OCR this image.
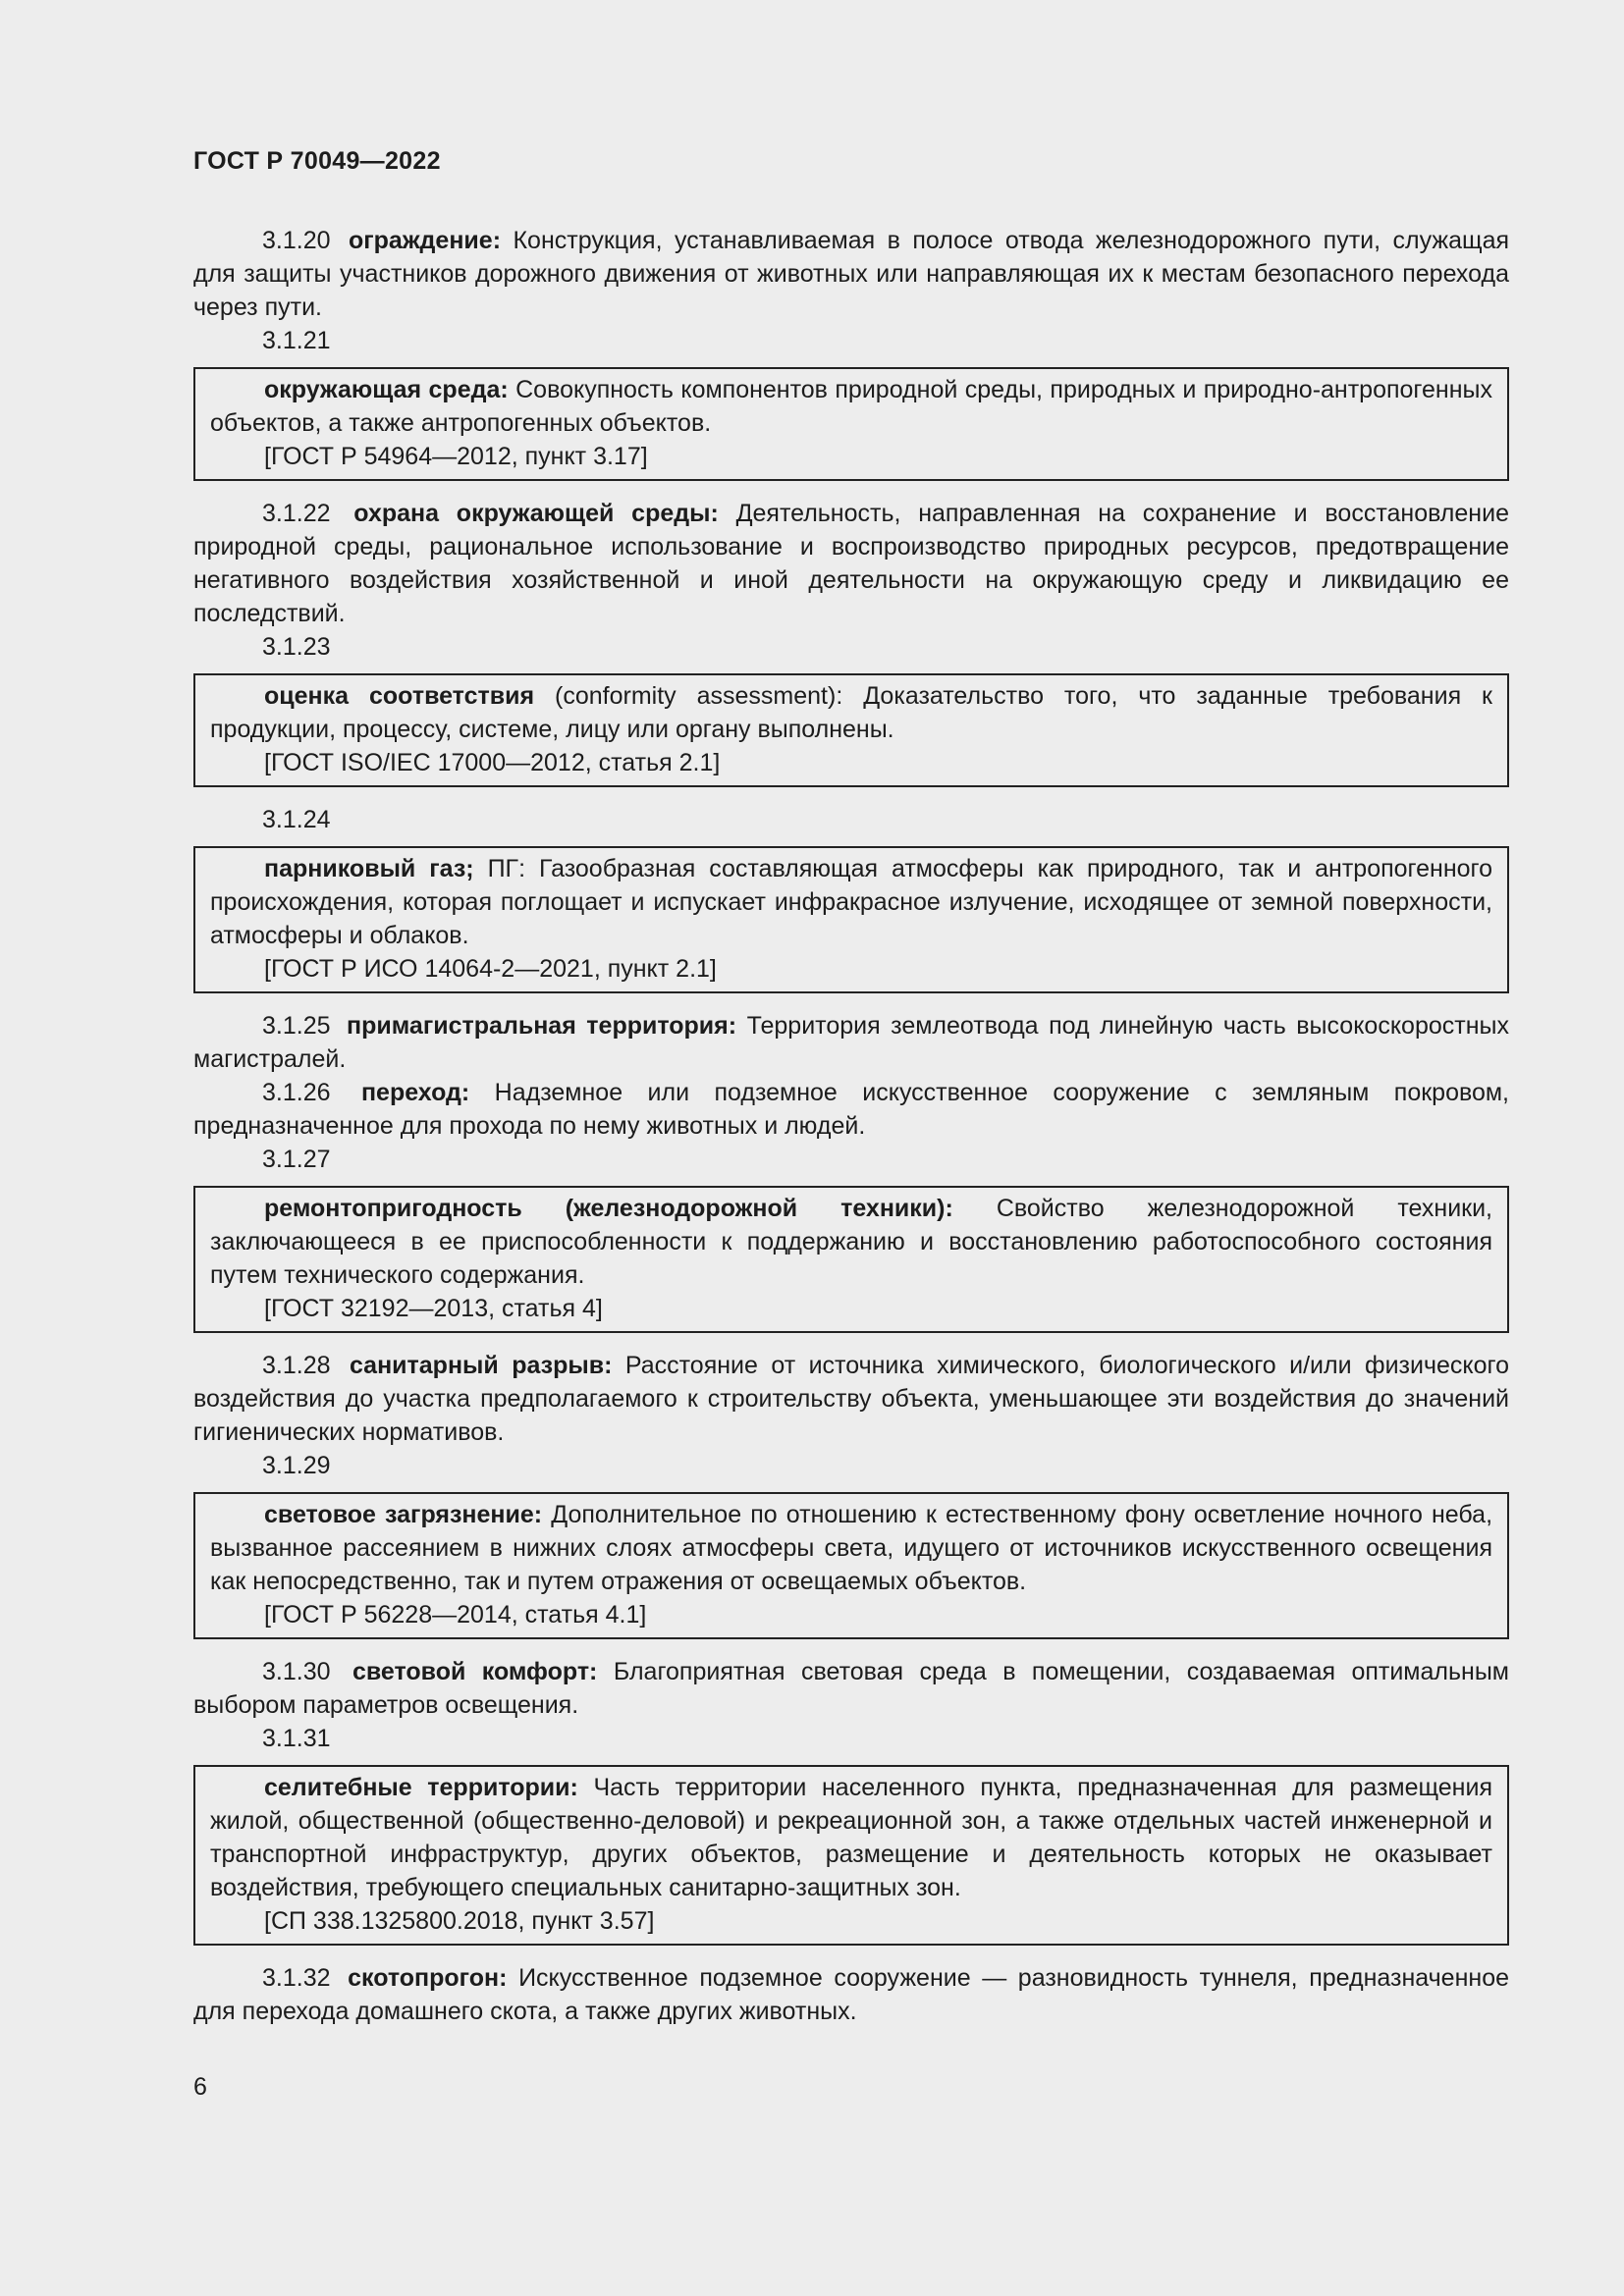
ГОСТ Р 70049—2022

3.1.20 ограждение: Конструкция, устанавливаемая в полосе отвода железнодорожного пути, служащая для защиты участников дорожного движения от животных или направляющая их к местам безопасного перехода через пути.

3.1.21

окружающая среда: Совокупность компонентов природной среды, природных и природно-антропогенных объектов, а также антропогенных объектов.

[ГОСТ Р 54964—2012, пункт 3.17]

3.1.22 охрана окружающей среды: Деятельность, направленная на сохранение и восстановление природной среды, рациональное использование и воспроизводство природных ресурсов, предотвращение негативного воздействия хозяйственной и иной деятельности на окружающую среду и ликвидацию ее последствий.

3.1.23

оценка соответствия (conformity assessment): Доказательство того, что заданные требования к продукции, процессу, системе, лицу или органу выполнены.

[ГОСТ ISO/IEC 17000—2012, статья 2.1]

3.1.24

парниковый газ; ПГ: Газообразная составляющая атмосферы как природного, так и антропогенного происхождения, которая поглощает и испускает инфракрасное излучение, исходящее от земной поверхности, атмосферы и облаков.

[ГОСТ Р ИСО 14064-2—2021, пункт 2.1]

3.1.25 примагистральная территория: Территория землеотвода под линейную часть высокоскоростных магистралей.

3.1.26 переход: Надземное или подземное искусственное сооружение с земляным покровом, предназначенное для прохода по нему животных и людей.

3.1.27

ремонтопригодность (железнодорожной техники): Свойство железнодорожной техники, заключающееся в ее приспособленности к поддержанию и восстановлению работоспособного состояния путем технического содержания.

[ГОСТ 32192—2013, статья 4]

3.1.28 санитарный разрыв: Расстояние от источника химического, биологического и/или физического воздействия до участка предполагаемого к строительству объекта, уменьшающее эти воздействия до значений гигиенических нормативов.

3.1.29

световое загрязнение: Дополнительное по отношению к естественному фону осветление ночного неба, вызванное рассеянием в нижних слоях атмосферы света, идущего от источников искусственного освещения как непосредственно, так и путем отражения от освещаемых объектов.

[ГОСТ Р 56228—2014, статья 4.1]

3.1.30 световой комфорт: Благоприятная световая среда в помещении, создаваемая оптимальным выбором параметров освещения.

3.1.31

селитебные территории: Часть территории населенного пункта, предназначенная для размещения жилой, общественной (общественно-деловой) и рекреационной зон, а также отдельных частей инженерной и транспортной инфраструктур, других объектов, размещение и деятельность которых не оказывает воздействия, требующего специальных санитарно-защитных зон.

[СП 338.1325800.2018, пункт 3.57]

3.1.32 скотопрогон: Искусственное подземное сооружение — разновидность туннеля, предназначенное для перехода домашнего скота, а также других животных.

6
